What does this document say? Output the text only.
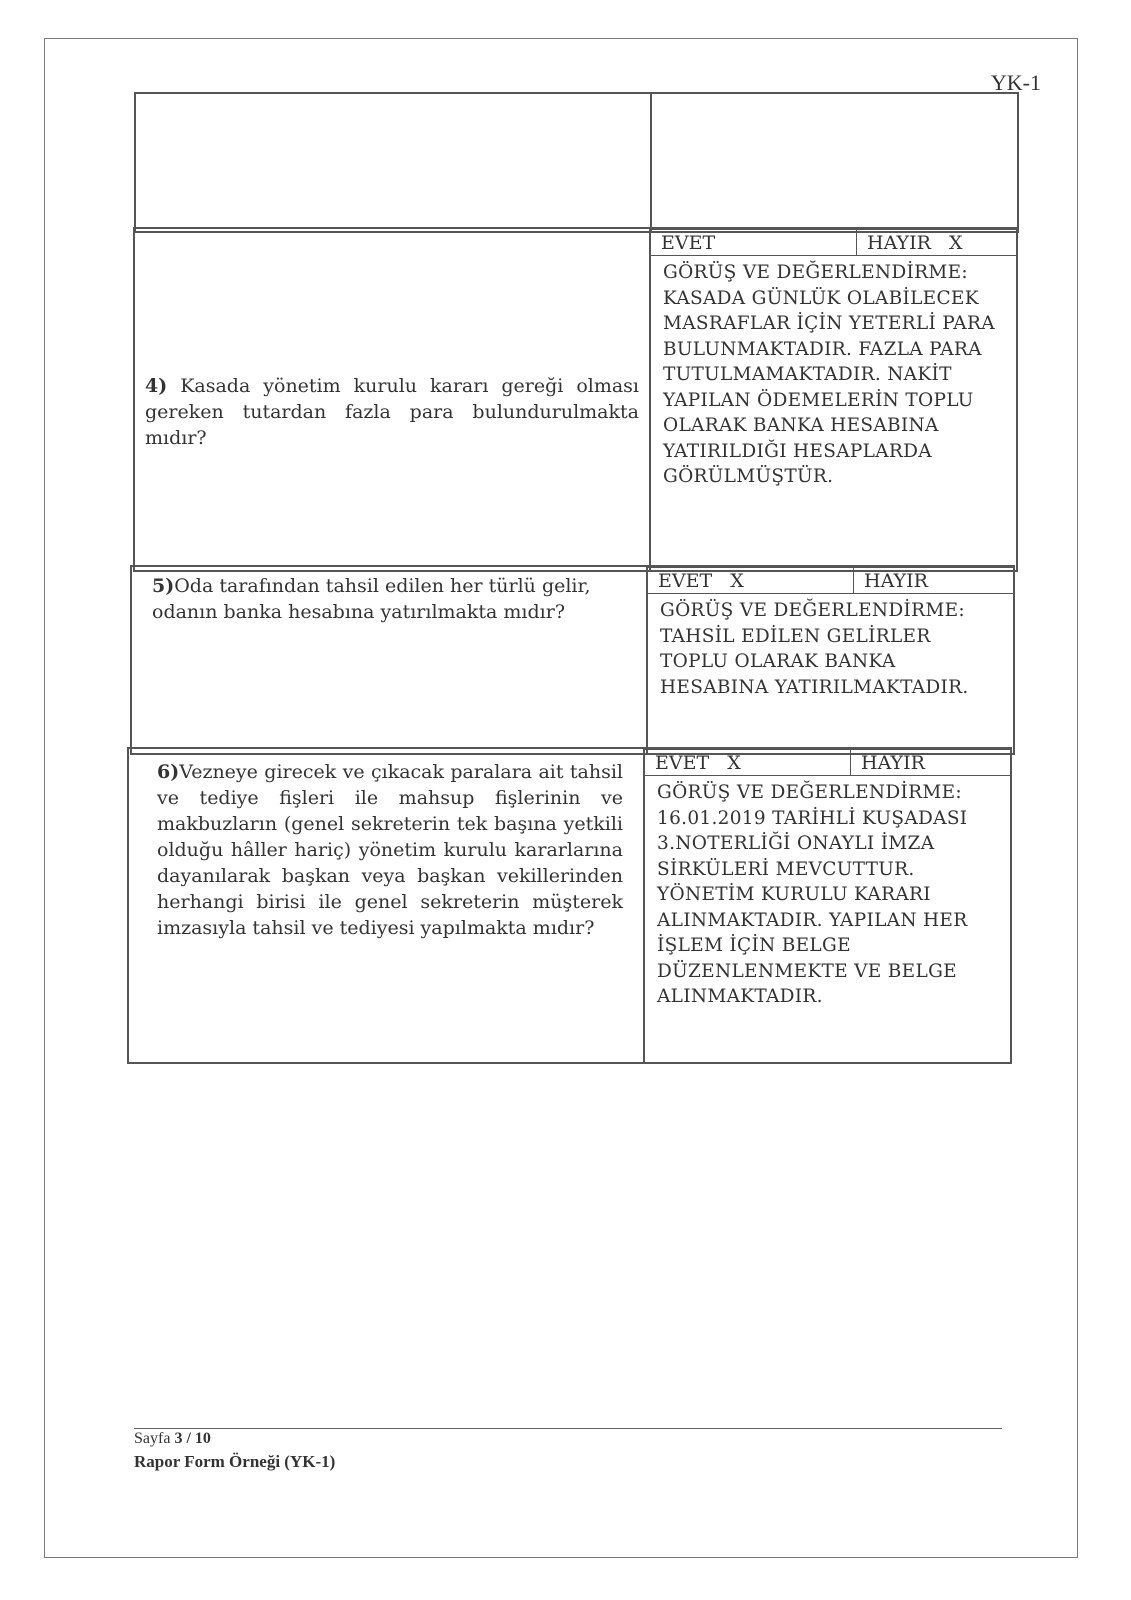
YK-1
4) Kasada yönetim kurulu kararı gereği olması gereken tutardan fazla para bulundurulmakta mıdır?
EVET	HAYIR   X
GÖRÜŞ VE DEĞERLENDİRME:
KASADA GÜNLÜK OLABİLECEK MASRAFLAR İÇİN YETERLİ PARA BULUNMAKTADIR. FAZLA PARA TUTULMAMAKTADIR. NAKİT YAPILAN ÖDEMELERİN TOPLU OLARAK BANKA HESABINA YATIRILDIĞI HESAPLARDA GÖRÜLMÜŞTÜR.
5)Oda tarafından tahsil edilen her türlü gelir, odanın banka hesabına yatırılmakta mıdır?
EVET   X	HAYIR
GÖRÜŞ VE DEĞERLENDİRME:
TAHSİL EDİLEN GELİRLER TOPLU OLARAK BANKA HESABINA YATIRILMAKTADIR.
6)Vezneye girecek ve çıkacak paralara ait tahsil ve tediye fişleri ile mahsup fişlerinin ve makbuzların (genel sekreterin tek başına yetkili olduğu hâller hariç) yönetim kurulu kararlarına dayanılarak başkan veya başkan vekillerinden herhangi birisi ile genel sekreterin müşterek imzasıyla tahsil ve tediyesi yapılmakta mıdır?
EVET   X	HAYIR
GÖRÜŞ VE DEĞERLENDİRME:
16.01.2019 TARİHLİ KUŞADASI 3.NOTERLİĞİ ONAYLI İMZA SİRKÜLERİ MEVCUTTUR. YÖNETİM KURULU KARARI ALINMAKTADIR. YAPILAN HER İŞLEM İÇİN BELGE DÜZENLENMEKTE VE BELGE ALINMAKTADIR.
Sayfa 3 / 10
Rapor Form Örneği (YK-1)
